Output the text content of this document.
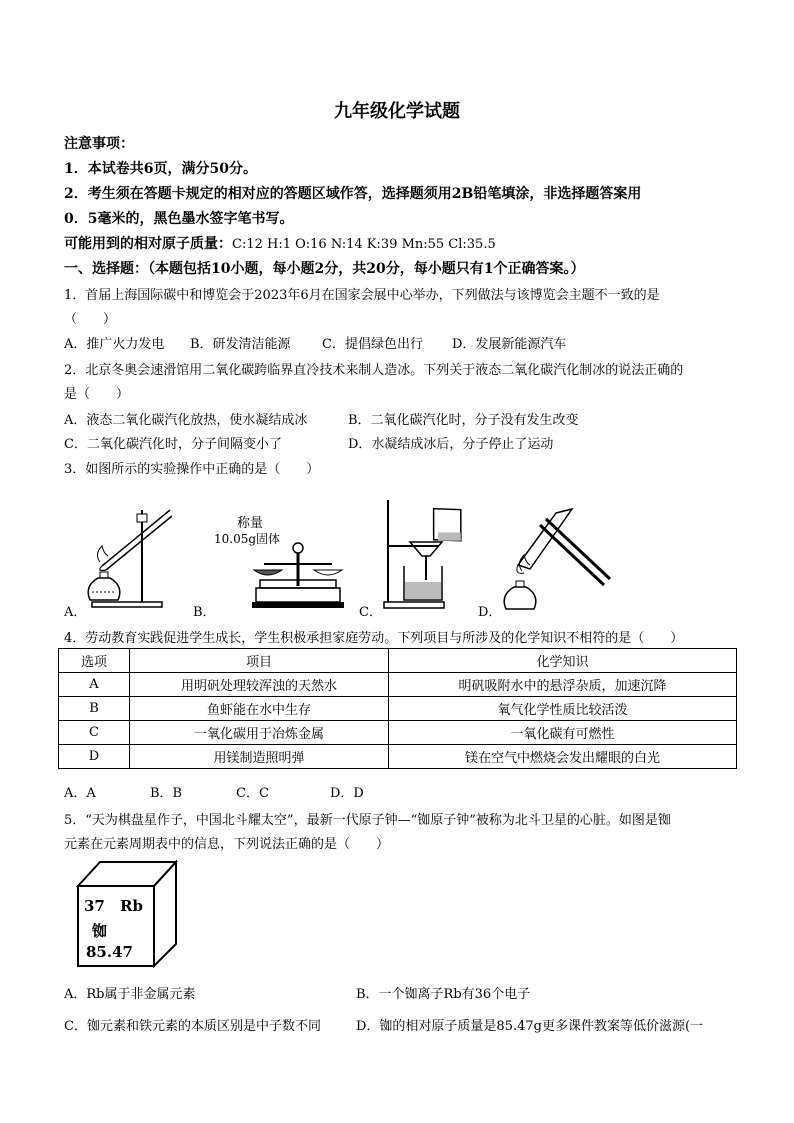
九年级化学试题
注意事项：
1．本试卷共6页，满分50分。
2．考生须在答题卡规定的相对应的答题区域作答，选择题须用2B铅笔填涂，非选择题答案用
0．5毫米的，黑色墨水签字笔书写。
可能用到的相对原子质量：C:12 H:1 O:16 N:14 K:39 Mn:55 Cl:35.5
一、选择题：（本题包括10小题，每小题2分，共20分，每小题只有1个正确答案。）
1．首届上海国际碳中和博览会于2023年6月在国家会展中心举办，下列做法与该博览会主题不一致的是
（　　）
A．推广火力发电 B．研发清洁能源 C．提倡绿色出行 D．发展新能源汽车
2．北京冬奥会速滑馆用二氧化碳跨临界直冷技术来制人造冰。下列关于液态二氧化碳汽化制冰的说法正确的
是（　　）
A．液态二氧化碳汽化放热，使水凝结成冰	B．二氧化碳汽化时，分子没有发生改变
C．二氧化碳汽化时，分子间隔变小了	D．水凝结成冰后，分子停止了运动
3．如图所示的实验操作中正确的是（　　）
称量
10.05g固体
A．	B．	C．	D．
4．劳动教育实践促进学生成长，学生积极承担家庭劳动。下列项目与所涉及的化学知识不相符的是（　　）
选项	项目	化学知识
A	用明矾处理较浑浊的天然水	明矾吸附水中的悬浮杂质，加速沉降
B	鱼虾能在水中生存	氧气化学性质比较活泼
C	一氧化碳用于冶炼金属	一氧化碳有可燃性
D	用镁制造照明弹	镁在空气中燃烧会发出耀眼的白光
A．A	B．B	C．C	D．D
5．“天为棋盘星作子，中国北斗耀太空”，最新一代原子钟—“铷原子钟”被称为北斗卫星的心脏。如图是铷
元素在元素周期表中的信息，下列说法正确的是（　　）
37 Rb
铷
85.47
A．Rb属于非金属元素	B．一个铷离子Rb有36个电子
C．铷元素和铁元素的本质区别是中子数不同	D．铷的相对原子质量是85.47g更多课件教案等低价滋源(一
